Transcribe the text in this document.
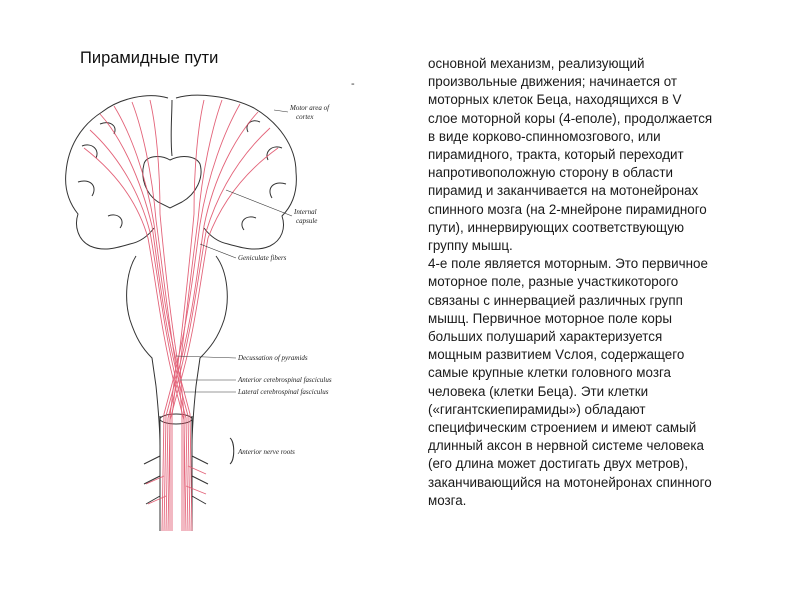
Пирамидные пути
-
Motor area of
cortex
Internal
capsule
Geniculate fibers
Decussation of pyramids
Anterior cerebrospinal fasciculus
Lateral cerebrospinal fasciculus
Anterior nerve roots

основной механизм, реализующий
произвольные движения; начинается от
моторных клеток Беца, находящихся в V
слое моторной коры (4-еполе), продолжается
в виде корково-спинномозгового, или
пирамидного, тракта, который переходит
напротивоположную сторону в области
пирамид и заканчивается на мотонейронах
спинного мозга (на 2-мнейроне пирамидного
пути), иннервирующих соответствующую
группу мышц.

4-е поле является моторным. Это первичное
моторное поле, разные участкикоторого
связаны с иннервацией различных групп
мышц. Первичное моторное поле коры
больших полушарий характеризуется
мощным развитием Vслоя, содержащего
самые крупные клетки головного мозга
человека (клетки Беца). Эти клетки
(«гигантскиепирамиды») обладают
специфическим строением и имеют самый
длинный аксон в нервной системе человека
(его длина может достигать двух метров),
заканчивающийся на мотонейронах спинного
мозга.
